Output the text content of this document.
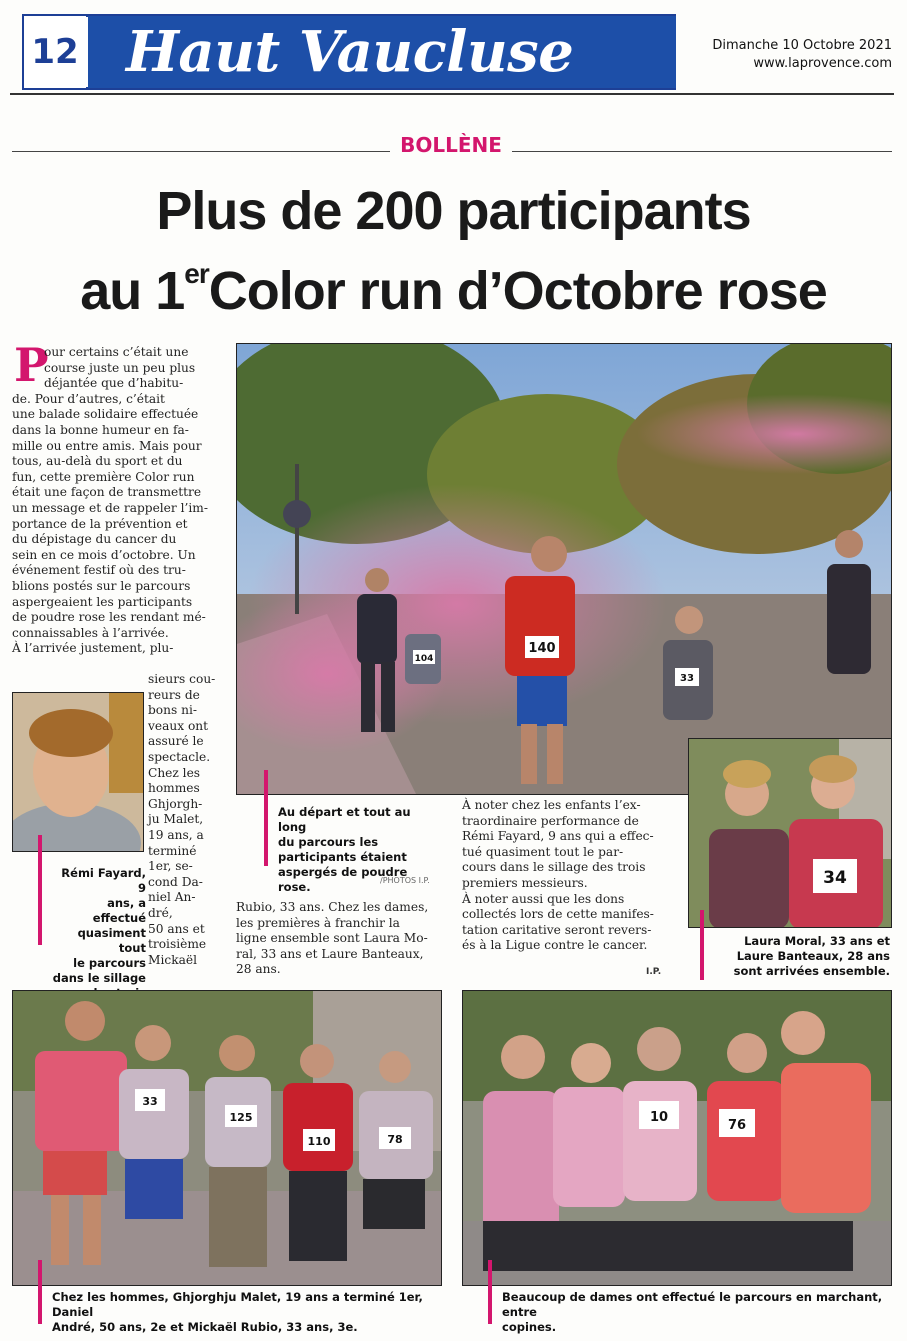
12 Haut Vaucluse	Dimanche 10 Octobre 2021
www.laprovence.com
BOLLÈNE
Plus de 200 participants
au 1erColor run d’Octobre rose
P
our certains c’était une
course juste un peu plus
déjantée que d’habitu-
de. Pour d’autres, c’était
une balade solidaire effectuée
dans la bonne humeur en fa-
mille ou entre amis. Mais pour
tous, au-delà du sport et du
fun, cette première Color run
était une façon de transmettre
un message et de rappeler l’im-
portance de la prévention et
du dépistage du cancer du
sein en ce mois d’octobre. Un
événement festif où des tru-
blions postés sur le parcours
aspergeaient les participants
de poudre rose les rendant mé-
connaissables à l’arrivée.
À l’arrivée justement, plu-
sieurs cou-
reurs de
bons ni-
veaux ont
assuré le
spectacle.
Chez les
hommes
Ghjorgh-
ju Malet,
19 ans, a
terminé
1er, se-
cond Da-
niel An-
dré,
50 ans et
troisième
Mickaël
104
140
33
/PHOTOS I.P.
Au départ et tout au long
du parcours les
participants étaient
aspergés de poudre rose.
Rémi Fayard, 9
ans, a effectué
quasiment tout
le parcours
dans le sillage
Rubio, 33 ans. Chez les dames,
les premières à franchir la
ligne ensemble sont Laura Mo-
ral, 33 ans et Laure Banteaux,
28 ans.
À noter chez les enfants l’ex-
traordinaire performance de
Rémi Fayard, 9 ans qui a effec-
tué quasiment tout le par-
cours dans le sillage des trois
premiers messieurs.
À noter aussi que les dons
collectés lors de cette manifes-
tation caritative seront revers-
és à la Ligue contre le cancer.
I.P.
34
Laura Moral, 33 ans et
Laure Banteaux, 28 ans
sont arrivées ensemble.
33
125
110	78
Chez les hommes, Ghjorghju Malet, 19 ans a terminé 1er, Daniel
André, 50 ans, 2e et Mickaël Rubio, 33 ans, 3e.
10
76
Beaucoup de dames ont effectué le parcours en marchant, entre
copines.
